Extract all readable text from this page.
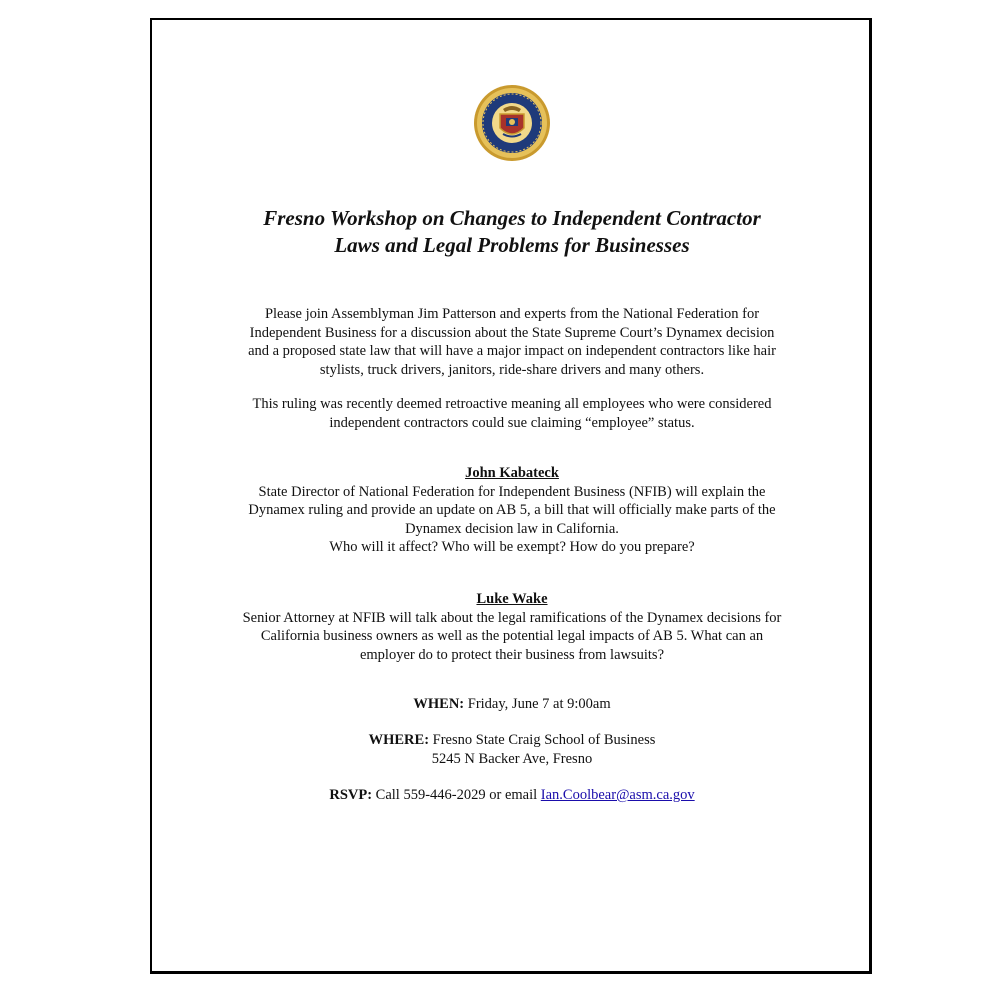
Fresno Workshop on Changes to Independent Contractor
Laws and Legal Problems for Businesses

Please join Assemblyman Jim Patterson and experts from the National Federation for
Independent Business for a discussion about the State Supreme Court’s Dynamex decision
and a proposed state law that will have a major impact on independent contractors like hair
stylists, truck drivers, janitors, ride-share drivers and many others.

This ruling was recently deemed retroactive meaning all employees who were considered
independent contractors could sue claiming “employee” status.

John Kabateck
State Director of National Federation for Independent Business (NFIB) will explain the
Dynamex ruling and provide an update on AB 5, a bill that will officially make parts of the
Dynamex decision law in California.
Who will it affect? Who will be exempt? How do you prepare?

Luke Wake
Senior Attorney at NFIB will talk about the legal ramifications of the Dynamex decisions for
California business owners as well as the potential legal impacts of AB 5. What can an
employer do to protect their business from lawsuits?

WHEN: Friday, June 7 at 9:00am

WHERE: Fresno State Craig School of Business
5245 N Backer Ave, Fresno

RSVP: Call 559-446-2029 or email Ian.Coolbear@asm.ca.gov
